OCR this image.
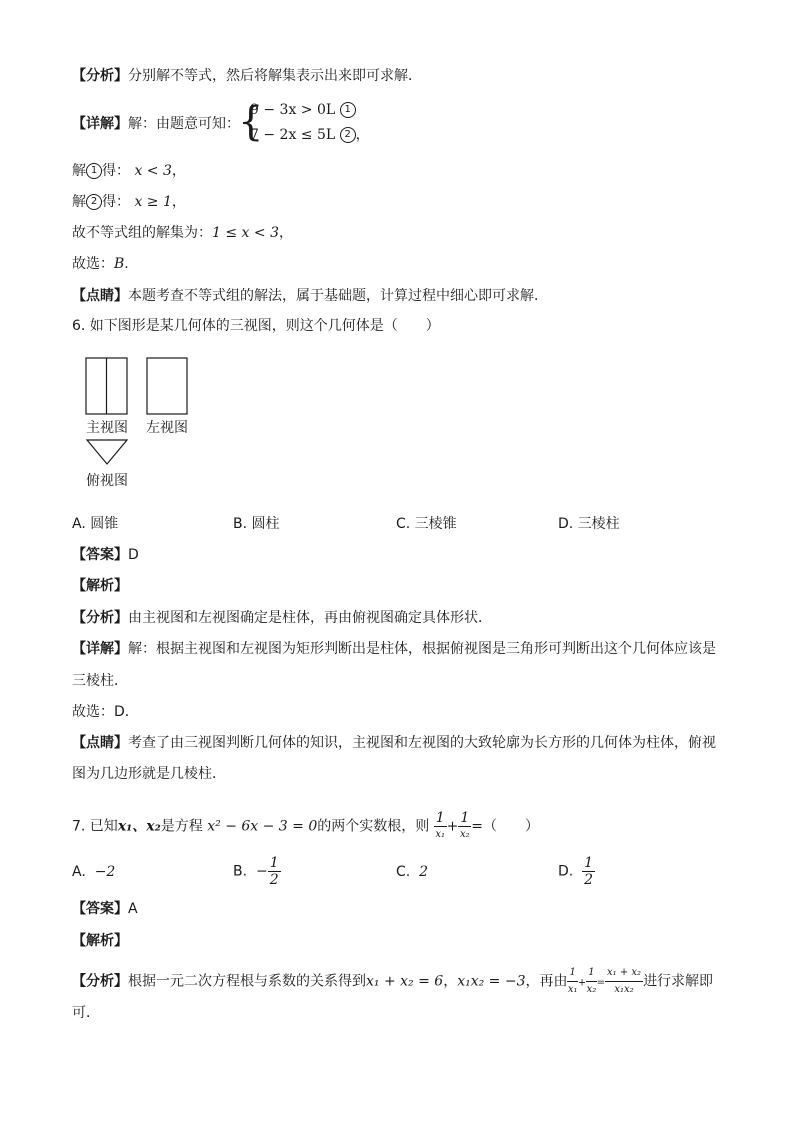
【分析】分别解不等式，然后将解集表示出来即可求解．
【详解】解：由题意可知：
{
9 − 3x > 0L 1
7 − 2x ≤ 5L 2 ，
解 1 得： x < 3，
解 2 得： x ≥ 1，
故不等式组的解集为：1 ≤ x < 3，
故选：B.
【点睛】本题考查不等式组的解法，属于基础题，计算过程中细心即可求解．
6. 如下图形是某几何体的三视图，则这个几何体是（　　）
主视图 左视图
俯视图
A. 圆锥	B. 圆柱	C. 三棱锥	D. 三棱柱
【答案】D
【解析】
【分析】由主视图和左视图确定是柱体，再由俯视图确定具体形状．
【详解】解：根据主视图和左视图为矩形判断出是柱体，根据俯视图是三角形可判断出这个几何体应该是
三棱柱．
故选：D．
【点睛】考查了由三视图判断几何体的知识，主视图和左视图的大致轮廓为长方形的几何体为柱体，俯视
图为几边形就是几棱柱．
7. 已知x₁、x₂是方程 x² − 6x − 3 = 0的两个实数根，则 $\frac{1}{\text{x₁}} + \frac{1}{\text{x₂}}$ =（　　）
A. −2	B. − $\frac{1}{2}$	C. 2	D. $\frac{1}{2}$
【答案】A
【解析】
【分析】根据一元二次方程根与系数的关系得到x₁ + x₂ = 6，x₁x₂ = −3，再由 $\frac{1}{\text{x₁}} + \frac{1}{\text{x₂}} = \frac{\text{x₁ + x₂}}{\text{x₁x₂}}$ 进行求解即
可．
